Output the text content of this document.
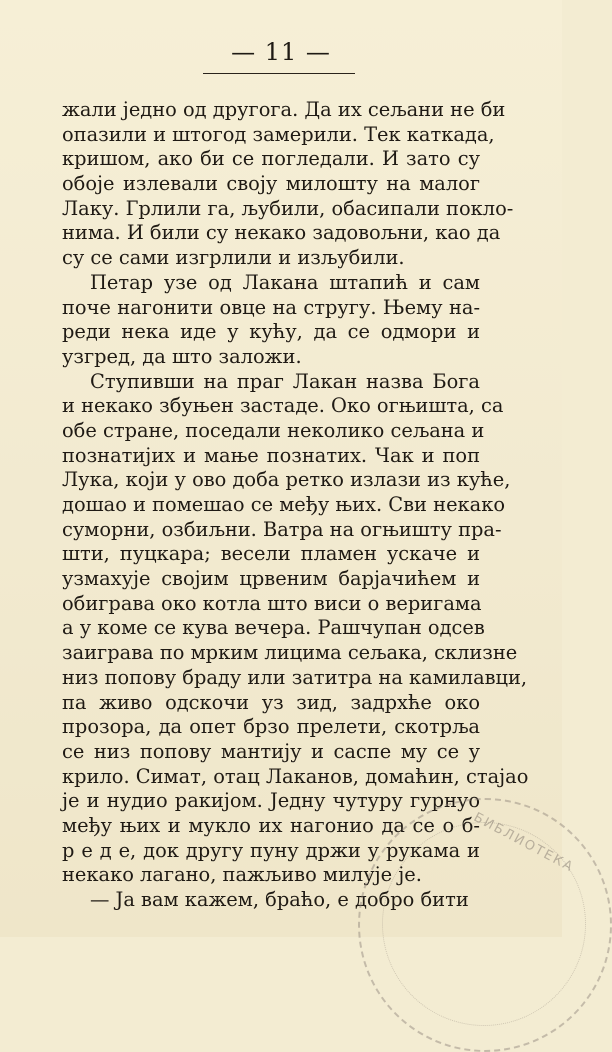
— 11 —
жали једно од другога. Да их сељани не би
опазили и штогод замерили. Тек каткада,
кришом, ако би се погледали. И зато су
обоје излевали своју милошту на малог
Лаку. Грлили га, љубили, обасипали покло-
нима. И били су некако задовољни, као да
су се сами изгрлили и изљубили.
Петар узе од Лакана штапић и сам
поче нагонити овце на стругу. Њему на-
реди нека иде у кућу, да се одмори и
узгред, да што заложи.
Ступивши на праг Лакан назва Бога
и некако збуњен застаде. Око огњишта, са
обе стране, поседали неколико сељана и
познатијих и мање познатих. Чак и поп
Лука, који у ово доба ретко излази из куће,
дошао и помешао се међу њих. Сви некако
суморни, озбиљни. Ватра на огњишту пра-
шти, пуцкара; весели пламен ускаче и
узмахује својим црвеним барјачићем и
обиграва око котла што виси о веригама
а у коме се кува вечера. Рашчупан одсев
заиграва по мрким лицима сељака, склизне
низ попову браду или затитра на камилавци,
па живо одскочи уз зид, задрхће око
прозора, да опет брзо прелети, скотрља
се низ попову мантију и саспе му се у
крило. Симат, отац Лаканов, домаћин, стајао
је и нудио ракијом. Једну чутуру гурнуо
међу њих и мукло их нагонио да се о б-
р е д е, док другу пуну држи у рукама и
некако лагано, пажљиво милује је.
— Ја вам кажем, браћо, е добро бити
БИБЛИОТЕКА
